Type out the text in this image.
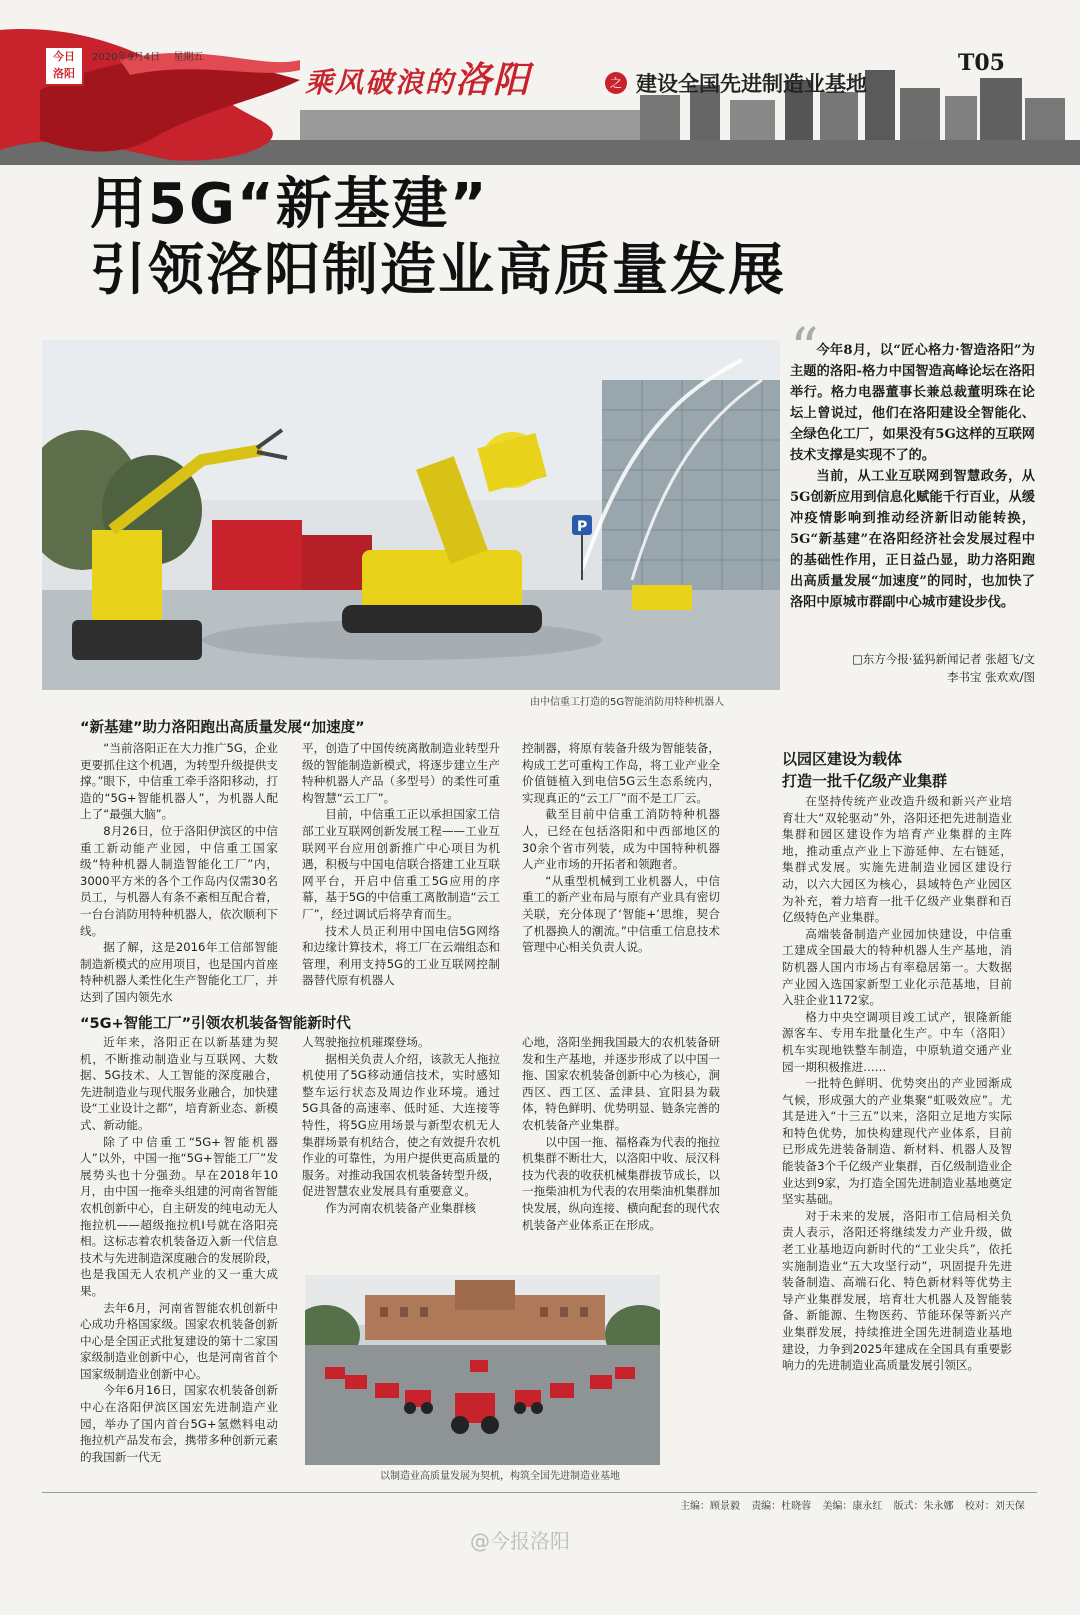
今日 洛阳
2020年9月4日 星期五
乘风破浪的洛阳	之 建设全国先进制造业基地
T05
用5G“新基建”
引领洛阳制造业高质量发展
P
由中信重工打造的5G智能消防用特种机器人
“

今年8月，以“匠心格力·智造洛阳”为主题的洛阳-格力中国智造高峰论坛在洛阳举行。格力电器董事长兼总裁董明珠在论坛上曾说过，他们在洛阳建设全智能化、全绿色化工厂，如果没有5G这样的互联网技术支撑是实现不了的。

当前，从工业互联网到智慧政务，从5G创新应用到信息化赋能千行百业，从缓冲疫情影响到推动经济新旧动能转换，5G“新基建”在洛阳经济社会发展过程中的基础性作用，正日益凸显，助力洛阳跑出高质量发展“加速度”的同时，也加快了洛阳中原城市群副中心城市建设步伐。

□东方今报·猛犸新闻记者 张超飞/文
李书宝 张欢欢/图
“新基建”助力洛阳跑出高质量发展“加速度”

“当前洛阳正在大力推广5G，企业更要抓住这个机遇，为转型升级提供支撑。”眼下，中信重工牵手洛阳移动，打造的“5G+智能机器人”，为机器人配上了“最强大脑”。

8月26日，位于洛阳伊滨区的中信重工新动能产业园，中信重工国家级“特种机器人制造智能化工厂”内，3000平方米的各个工作岛内仅需30名员工，与机器人有条不紊相互配合着，一台台消防用特种机器人，依次顺利下线。

据了解，这是2016年工信部智能制造新模式的应用项目，也是国内首座特种机器人柔性化生产智能化工厂，并达到了国内领先水

平，创造了中国传统离散制造业转型升级的智能制造新模式，将逐步建立生产特种机器人产品（多型号）的柔性可重构智慧“云工厂”。

目前，中信重工正以承担国家工信部工业互联网创新发展工程——工业互联网平台应用创新推广中心项目为机遇，积极与中国电信联合搭建工业互联网平台，开启中信重工5G应用的序幕，基于5G的中信重工离散制造“云工厂”，经过调试后将孕育而生。

技术人员正利用中国电信5G网络和边缘计算技术，将工厂在云端组态和管理，利用支持5G的工业互联网控制器替代原有机器人

控制器，将原有装备升级为智能装备，构成工艺可重构工作岛，将工业产业全价值链植入到电信5G云生态系统内，实现真正的“云工厂”而不是工厂云。

截至目前中信重工消防特种机器人，已经在包括洛阳和中西部地区的30余个省市列装，成为中国特种机器人产业市场的开拓者和领跑者。

“从重型机械到工业机器人，中信重工的新产业布局与原有产业具有密切关联，充分体现了‘智能+’思维，契合了机器换人的潮流。”中信重工信息技术管理中心相关负责人说。

“5G+智能工厂”引领农机装备智能新时代

近年来，洛阳正在以新基建为契机，不断推动制造业与互联网、大数据、5G技术、人工智能的深度融合，先进制造业与现代服务业融合，加快建设“工业设计之都”，培育新业态、新模式、新动能。

除了中信重工“5G+智能机器人”以外，中国一拖“5G+智能工厂”发展势头也十分强劲。早在2018年10月，由中国一拖牵头组建的河南省智能农机创新中心，自主研发的纯电动无人拖拉机——超级拖拉机Ⅰ号就在洛阳亮相。这标志着农机装备迈入新一代信息技术与先进制造深度融合的发展阶段，也是我国无人农机产业的又一重大成果。

去年6月，河南省智能农机创新中心成功升格国家级。国家农机装备创新中心是全国正式批复建设的第十二家国家级制造业创新中心，也是河南省首个国家级制造业创新中心。

今年6月16日，国家农机装备创新中心在洛阳伊滨区国宏先进制造产业园，举办了国内首台5G+氢燃料电动拖拉机产品发布会，携带多种创新元素的我国新一代无

人驾驶拖拉机璀璨登场。

据相关负责人介绍，该款无人拖拉机使用了5G移动通信技术，实时感知整车运行状态及周边作业环境。通过5G具备的高速率、低时延、大连接等特性，将5G应用场景与新型农机无人集群场景有机结合，使之有效提升农机作业的可靠性，为用户提供更高质量的服务。对推动我国农机装备转型升级，促进智慧农业发展具有重要意义。

作为河南农机装备产业集群核

心地，洛阳坐拥我国最大的农机装备研发和生产基地，并逐步形成了以中国一拖、国家农机装备创新中心为核心，涧西区、西工区、孟津县、宜阳县为载体，特色鲜明、优势明显、链条完善的农机装备产业集群。

以中国一拖、福格森为代表的拖拉机集群不断壮大，以洛阳中收、辰汉科技为代表的收获机械集群拔节成长，以一拖柴油机为代表的农用柴油机集群加快发展，纵向连接、横向配套的现代农机装备产业体系正在形成。

以制造业高质量发展为契机，构筑全国先进制造业基地
以园区建设为载体
打造一批千亿级产业集群

在坚持传统产业改造升级和新兴产业培育壮大“双轮驱动”外，洛阳还把先进制造业集群和园区建设作为培育产业集群的主阵地，推动重点产业上下游延伸、左右链延，集群式发展。实施先进制造业园区建设行动，以六大园区为核心，县域特色产业园区为补充，着力培育一批千亿级产业集群和百亿级特色产业集群。

高端装备制造产业园加快建设，中信重工建成全国最大的特种机器人生产基地，消防机器人国内市场占有率稳居第一。大数据产业园入选国家新型工业化示范基地，目前入驻企业1172家。

格力中央空调项目竣工试产，银隆新能源客车、专用车批量化生产。中车（洛阳）机车实现地铁整车制造，中原轨道交通产业园一期积极推进……

一批特色鲜明、优势突出的产业园渐成气候，形成强大的产业集聚“虹吸效应”。尤其是进入“十三五”以来，洛阳立足地方实际和特色优势，加快构建现代产业体系，目前已形成先进装备制造、新材料、机器人及智能装备3个千亿级产业集群，百亿级制造业企业达到9家，为打造全国先进制造业基地奠定坚实基础。

对于未来的发展，洛阳市工信局相关负责人表示，洛阳还将继续发力产业升级，做老工业基地迈向新时代的“工业尖兵”，依托实施制造业“五大攻坚行动”，巩固提升先进装备制造、高端石化、特色新材料等优势主导产业集群发展，培育壮大机器人及智能装备、新能源、生物医药、节能环保等新兴产业集群发展，持续推进全国先进制造业基地建设，力争到2025年建成在全国具有重要影响力的先进制造业高质量发展引领区。

主编：顾景毅 责编：杜晓蓉 美编：康永红 版式：朱永娜 校对：刘天保
@今报洛阳
